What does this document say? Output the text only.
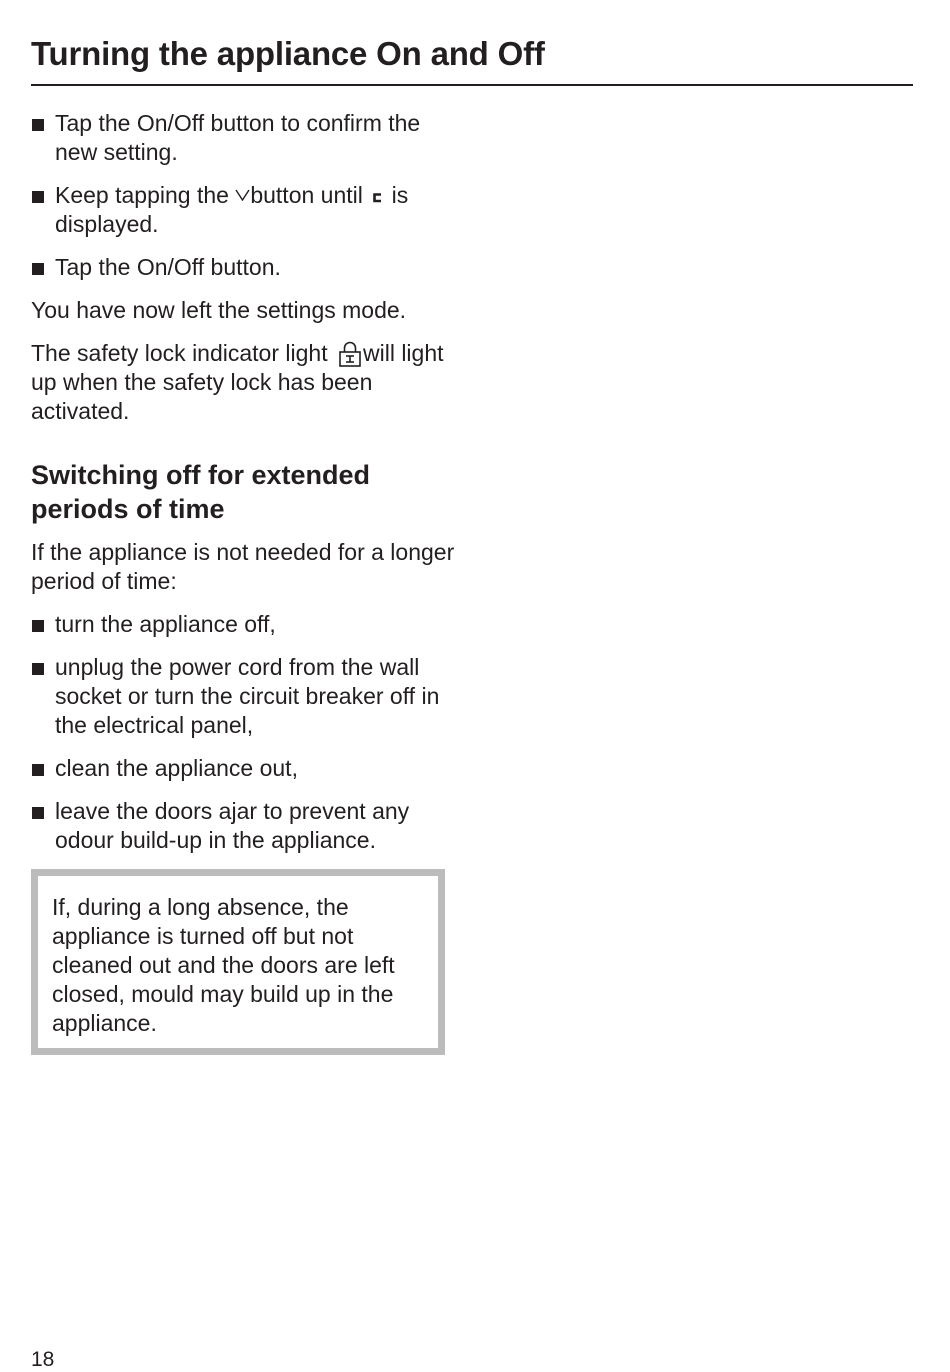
Turning the appliance On and Off
Tap the On/Off button to confirm the new setting.
Keep tapping the button until  is displayed.
Tap the On/Off button.

You have now left the settings mode.

The safety lock indicator light will light up when the safety lock has been activated.

Switching off for extended periods of time

If the appliance is not needed for a longer period of time:

turn the appliance off,
unplug the power cord from the wall socket or turn the circuit breaker off in the electrical panel,
clean the appliance out,
leave the doors ajar to prevent any odour build-up in the appliance.

If, during a long absence, the appliance is turned off but not cleaned out and the doors are left closed, mould may build up in the appliance.

18
